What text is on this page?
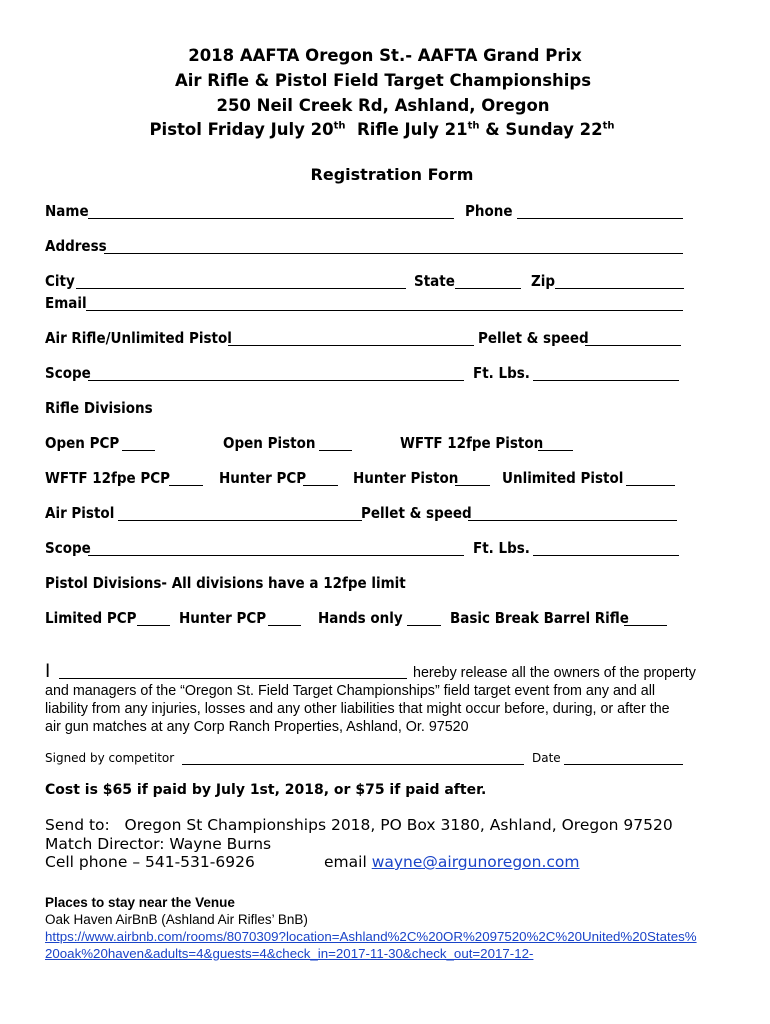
2018 AAFTA Oregon St.- AAFTA Grand Prix
Air Rifle & Pistol Field Target Championships
250 Neil Creek Rd, Ashland, Oregon
Pistol Friday July 20th  Rifle July 21th & Sunday 22th
Registration Form
Name	Phone
Address
City	State	Zip
Email
Air Rifle/Unlimited Pistol	Pellet & speed
Scope	Ft. Lbs.
Rifle Divisions
Open PCP	Open Piston	WFTF 12fpe Piston
WFTF 12fpe PCP	Hunter PCP	Hunter Piston	Unlimited Pistol
Air Pistol	Pellet & speed
Scope	Ft. Lbs.
Pistol Divisions- All divisions have a 12fpe limit
Limited PCP	Hunter PCP	Hands only	Basic Break Barrel Rifle
I	hereby release all the owners of the property
and managers of the “Oregon St. Field Target Championships” field target event from any and all
liability from any injuries, losses and any other liabilities that might occur before, during, or after the
air gun matches at any Corp Ranch Properties, Ashland, Or. 97520
Signed by competitor	Date
Cost is $65 if paid by July 1st, 2018, or $75 if paid after.
Send to:   Oregon St Championships 2018, PO Box 3180, Ashland, Oregon 97520
Match Director: Wayne Burns
Cell phone – 541-531-6926	email wayne@airgunoregon.com
Places to stay near the Venue
Oak Haven AirBnB (Ashland Air Rifles’ BnB)
https://www.airbnb.com/rooms/8070309?location=Ashland%2C%20OR%2097520%2C%20United%20States%
20oak%20haven&adults=4&guests=4&check_in=2017-11-30&check_out=2017-12-
